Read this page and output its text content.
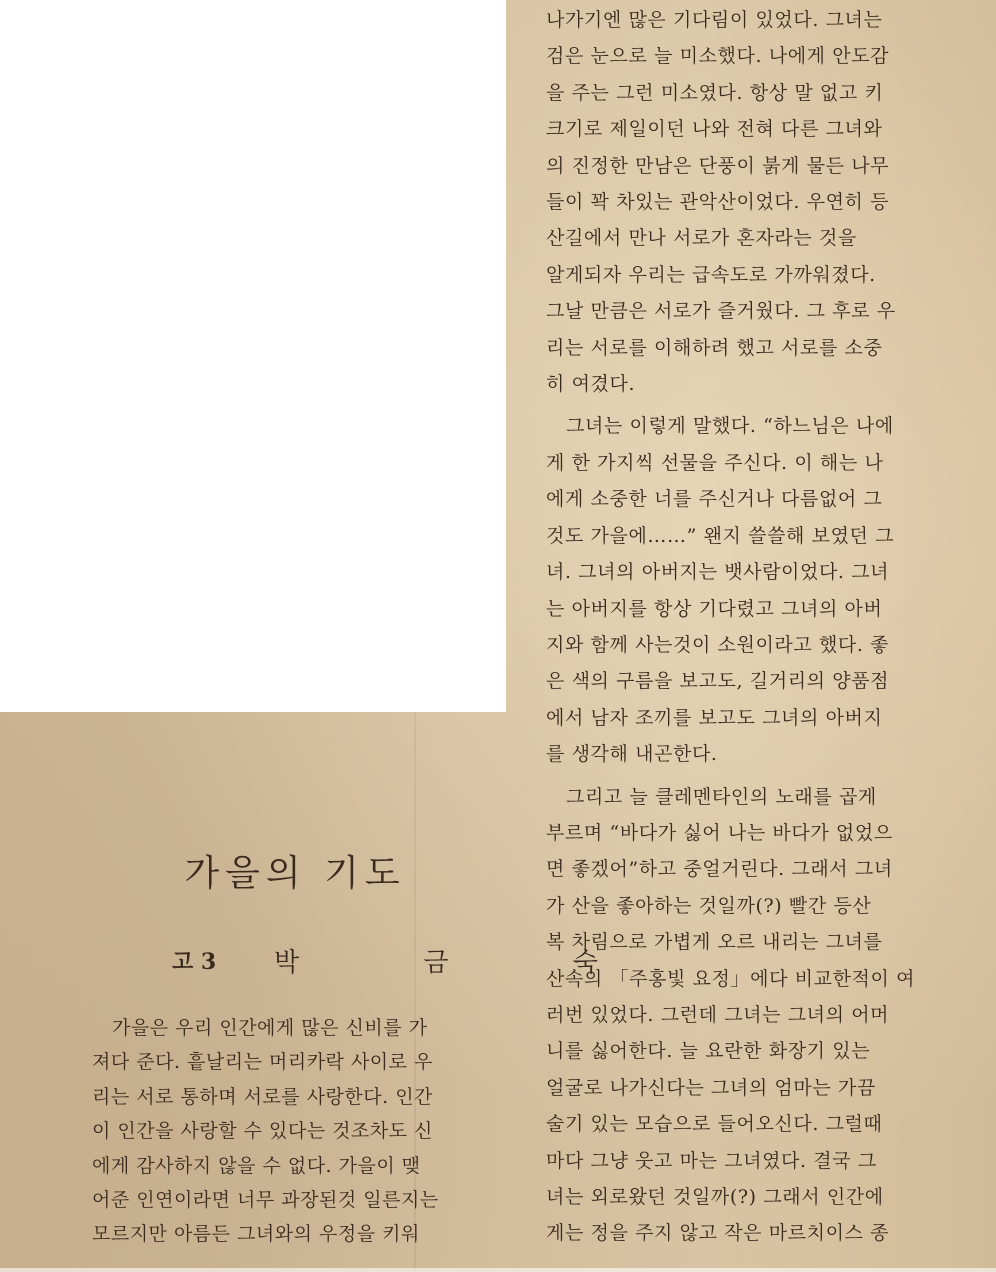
나가기엔 많은 기다림이 있었다. 그녀는
검은 눈으로 늘 미소했다. 나에게 안도감
을 주는 그런 미소였다. 항상 말 없고 키
크기로 제일이던 나와 전혀 다른 그녀와
의 진정한 만남은 단풍이 붉게 물든 나무
들이 꽉 차있는 관악산이었다. 우연히 등
산길에서 만나 서로가 혼자라는 것을
알게되자 우리는 급속도로 가까워졌다.
그날 만큼은 서로가 즐거웠다. 그 후로 우
리는 서로를 이해하려 했고 서로를 소중
히 여겼다.

그녀는 이렇게 말했다. “하느님은 나에
게 한 가지씩 선물을 주신다. 이 해는 나
에게 소중한 너를 주신거나 다름없어 그
것도 가을에……” 왠지 쓸쓸해 보였던 그
녀. 그녀의 아버지는 뱃사람이었다. 그녀
는 아버지를 항상 기다렸고 그녀의 아버
지와 함께 사는것이 소원이라고 했다. 좋
은 색의 구름을 보고도, 길거리의 양품점
에서 남자 조끼를 보고도 그녀의 아버지
를 생각해 내곤한다.

그리고 늘 클레멘타인의 노래를 곱게
부르며 “바다가 싫어 나는 바다가 없었으
면 좋겠어”하고 중얼거린다. 그래서 그녀
가 산을 좋아하는 것일까(?) 빨간 등산
복 차림으로 가볍게 오르 내리는 그녀를
산속의 「주홍빛 요정」에다 비교한적이 여
러번 있었다. 그런데 그녀는 그녀의 어머
니를 싫어한다. 늘 요란한 화장기 있는
얼굴로 나가신다는 그녀의 엄마는 가끔
술기 있는 모습으로 들어오신다. 그럴때
마다 그냥 웃고 마는 그녀였다. 결국 그
녀는 외로왔던 것일까(?) 그래서 인간에
게는 정을 주지 않고 작은 마르치이스 종

가을의 기도
고 3 박 금 숙
가을은 우리 인간에게 많은 신비를 가
져다 준다. 흩날리는 머리카락 사이로 우
리는 서로 통하며 서로를 사랑한다. 인간
이 인간을 사랑할 수 있다는 것조차도 신
에게 감사하지 않을 수 없다. 가을이 맺
어준 인연이라면 너무 과장된것 일른지는
모르지만 아름든 그녀와의 우정을 키워
